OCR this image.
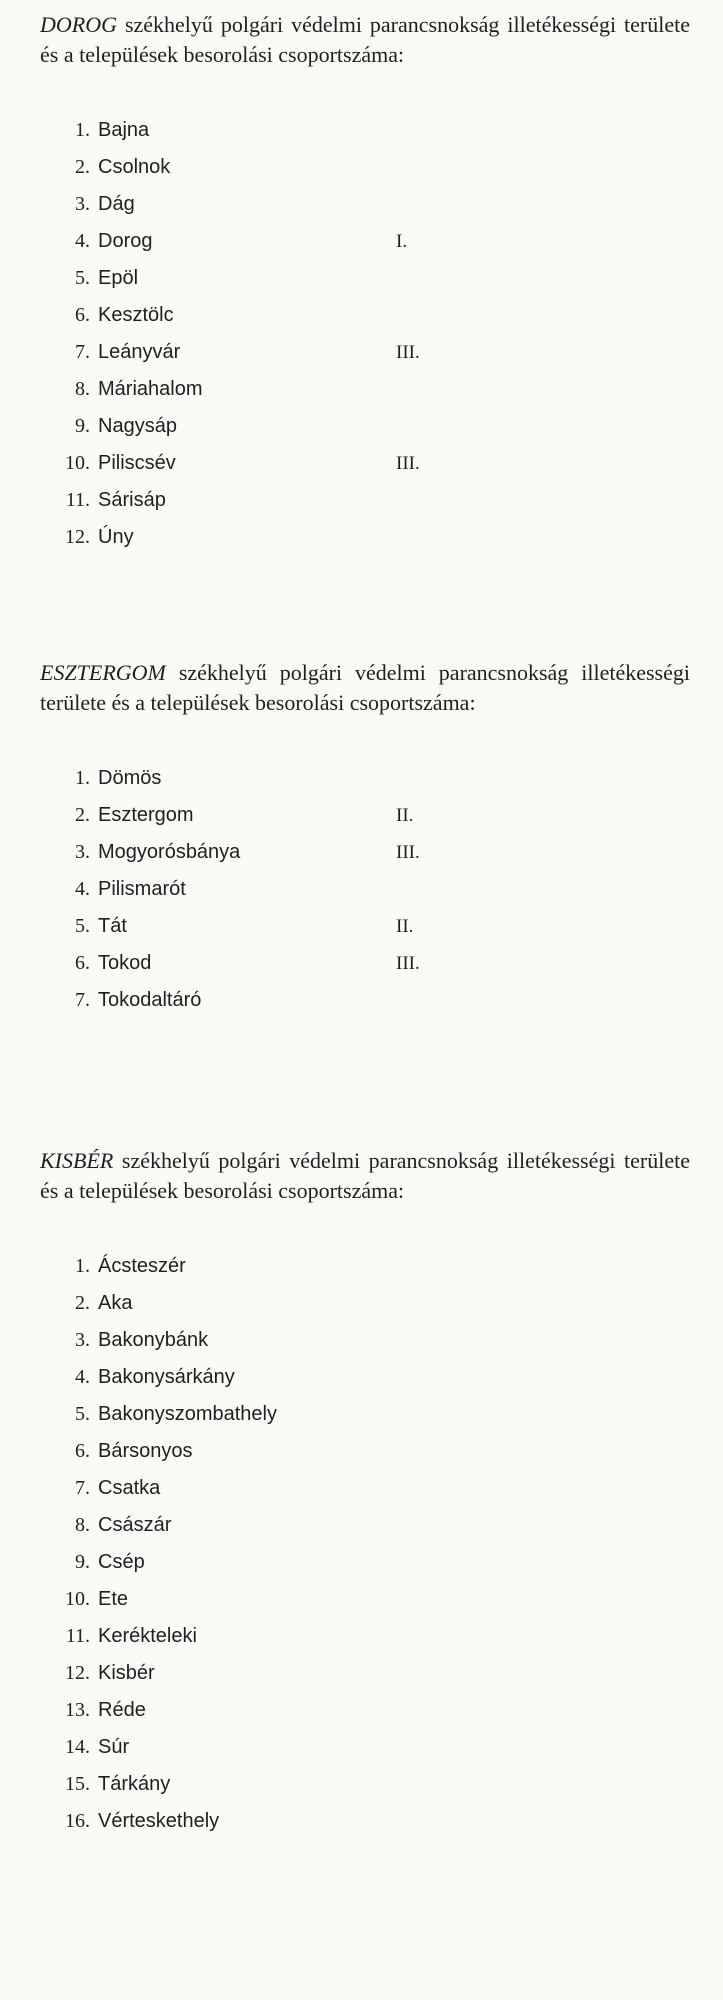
DOROG székhelyű polgári védelmi parancsnokság illetékességi területe és a települések besorolási csoportszáma:

1. Bajna
2. Csolnok
3. Dág
4. Dorog	I.
5. Epöl
6. Kesztölc
7. Leányvár	III.
8. Máriahalom
9. Nagysáp
10. Piliscsév	III.
11. Sárisáp
12. Úny

ESZTERGOM székhelyű polgári védelmi parancsnokság illetékességi területe és a települések besorolási csoportszáma:

1. Dömös
2. Esztergom	II.
3. Mogyorósbánya	III.
4. Pilismarót
5. Tát	II.
6. Tokod	III.
7. Tokodaltáró

KISBÉR székhelyű polgári védelmi parancsnokság illetékességi területe és a települések besorolási csoportszáma:

1. Ácsteszér
2. Aka
3. Bakonybánk
4. Bakonysárkány
5. Bakonyszombathely
6. Bársonyos
7. Csatka
8. Császár
9. Csép
10. Ete
11. Kerékteleki
12. Kisbér
13. Réde
14. Súr
15. Tárkány
16. Vérteskethely
